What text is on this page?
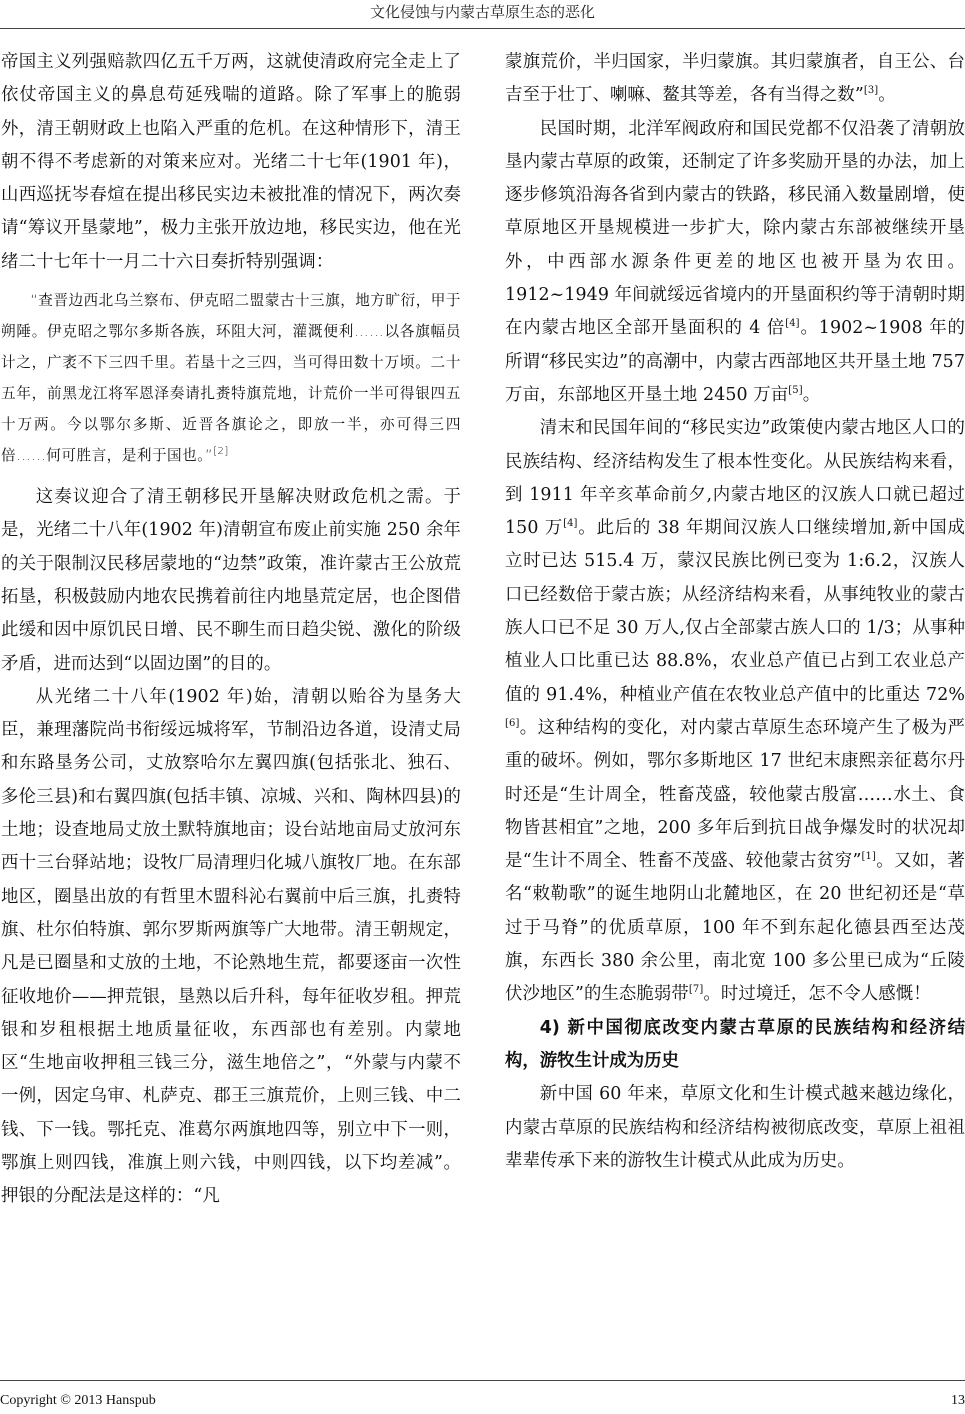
文化侵蚀与内蒙古草原生态的恶化

帝国主义列强赔款四亿五千万两，这就使清政府完全走上了依仗帝国主义的鼻息苟延残喘的道路。除了军事上的脆弱外，清王朝财政上也陷入严重的危机。在这种情形下，清王朝不得不考虑新的对策来应对。光绪二十七年(1901 年)，山西巡抚岑春煊在提出移民实边未被批准的情况下，两次奏请“筹议开垦蒙地”，极力主张开放边地，移民实边，他在光绪二十七年十一月二十六日奏折特别强调：

“查晋边西北乌兰察布、伊克昭二盟蒙古十三旗，地方旷衍，甲于朔陲。伊克昭之鄂尔多斯各族，环阻大河，灌溉便利……以各旗幅员计之，广袤不下三四千里。若垦十之三四，当可得田数十万顷。二十五年，前黑龙江将军恩泽奏请扎赉特旗荒地，计荒价一半可得银四五十万两。今以鄂尔多斯、近晋各旗论之，即放一半，亦可得三四倍……何可胜言，是利于国也。”[2]

这奏议迎合了清王朝移民开垦解决财政危机之需。于是，光绪二十八年(1902 年)清朝宣布废止前实施 250 余年的关于限制汉民移居蒙地的“边禁”政策，准许蒙古王公放荒拓垦，积极鼓励内地农民携着前往内地垦荒定居，也企图借此缓和因中原饥民日增、民不聊生而日趋尖锐、激化的阶级矛盾，进而达到“以固边圉”的目的。

从光绪二十八年(1902 年)始，清朝以贻谷为垦务大臣，兼理藩院尚书衔绥远城将军，节制沿边各道，设清丈局和东路垦务公司，丈放察哈尔左翼四旗(包括张北、独石、多伦三县)和右翼四旗(包括丰镇、凉城、兴和、陶林四县)的土地；设查地局丈放土默特旗地亩；设台站地亩局丈放河东西十三台驿站地；设牧厂局清理归化城八旗牧厂地。在东部地区，圈垦出放的有哲里木盟科沁右翼前中后三旗，扎赉特旗、杜尔伯特旗、郭尔罗斯两旗等广大地带。清王朝规定，凡是已圈垦和丈放的土地，不论熟地生荒，都要逐亩一次性征收地价——押荒银，垦熟以后升科，每年征收岁租。押荒银和岁租根据土地质量征收，东西部也有差别。内蒙地区“生地亩收押租三钱三分，滋生地倍之”，“外蒙与内蒙不一例，因定乌审、札萨克、郡王三旗荒价，上则三钱、中二钱、下一钱。鄂托克、准葛尔两旗地四等，别立中下一则，鄂旗上则四钱，准旗上则六钱，中则四钱，以下均差减”。押银的分配法是这样的：“凡

蒙旗荒价，半归国家，半归蒙旗。其归蒙旗者，自王公、台吉至于壮丁、喇嘛、鳌其等差，各有当得之数”[3]。

民国时期，北洋军阀政府和国民党都不仅沿袭了清朝放垦内蒙古草原的政策，还制定了许多奖励开垦的办法，加上逐步修筑沿海各省到内蒙古的铁路，移民涌入数量剧增，使草原地区开垦规模进一步扩大，除内蒙古东部被继续开垦外，中西部水源条件更差的地区也被开垦为农田。1912~1949 年间就绥远省境内的开垦面积约等于清朝时期在内蒙古地区全部开垦面积的 4 倍[4]。1902~1908 年的所谓“移民实边”的高潮中，内蒙古西部地区共开垦土地 757 万亩，东部地区开垦土地 2450 万亩[5]。

清末和民国年间的“移民实边”政策使内蒙古地区人口的民族结构、经济结构发生了根本性变化。从民族结构来看，到 1911 年辛亥革命前夕,内蒙古地区的汉族人口就已超过 150 万[4]。此后的 38 年期间汉族人口继续增加,新中国成立时已达 515.4 万，蒙汉民族比例已变为 1:6.2，汉族人口已经数倍于蒙古族；从经济结构来看，从事纯牧业的蒙古族人口已不足 30 万人,仅占全部蒙古族人口的 1/3；从事种植业人口比重已达 88.8%，农业总产值已占到工农业总产值的 91.4%，种植业产值在农牧业总产值中的比重达 72%[6]。这种结构的变化，对内蒙古草原生态环境产生了极为严重的破坏。例如，鄂尔多斯地区 17 世纪末康熙亲征葛尔丹时还是“生计周全，牲畜茂盛，较他蒙古殷富……水土、食物皆甚相宜”之地，200 多年后到抗日战争爆发时的状况却是“生计不周全、牲畜不茂盛、较他蒙古贫穷”[1]。又如，著名“敕勒歌”的诞生地阴山北麓地区，在 20 世纪初还是“草过于马脊”的优质草原，100 年不到东起化德县西至达茂旗，东西长 380 余公里，南北宽 100 多公里已成为“丘陵伏沙地区”的生态脆弱带[7]。时过境迁，怎不令人感慨！

4) 新中国彻底改变内蒙古草原的民族结构和经济结构，游牧生计成为历史

新中国 60 年来，草原文化和生计模式越来越边缘化，内蒙古草原的民族结构和经济结构被彻底改变，草原上祖祖辈辈传承下来的游牧生计模式从此成为历史。

Copyright © 2013 Hanspub	13
